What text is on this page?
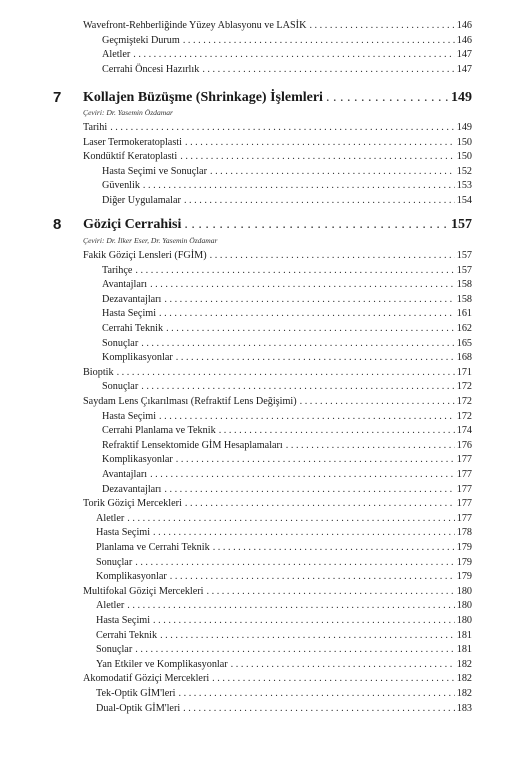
Wavefront-Rehberliğinde Yüzey Ablasyonu ve LASİK . . .	146
Geçmişteki Durum . . .	146
Aletler . . .	147
Cerrahi Öncesi Hazırlık . . .	147
7 Kollajen Büzüşme (Shrinkage) İşlemleri . . .	149
Çeviri: Dr. Yasemin Özdamar
Tarihi . . .	149
Laser Termokeratoplasti . . .	150
Kondüktif Keratoplasti . . .	150
Hasta Seçimi ve Sonuçlar . . .	152
Güvenlik . . .	153
Diğer Uygulamalar . . .	154
8 Göziçi Cerrahisi . . .	157
Çeviri: Dr. İlker Eser, Dr. Yasemin Özdamar
Fakik Göziçi Lensleri (FGİM) . . .	157
Tarihçe . . .	157
Avantajları . . .	158
Dezavantajları . . .	158
Hasta Seçimi . . .	161
Cerrahi Teknik . . .	162
Sonuçlar . . .	165
Komplikasyonlar . . .	168
Bioptik . . .	171
Sonuçlar . . .	172
Saydam Lens Çıkarılması (Refraktif Lens Değişimi) . . .	172
Hasta Seçimi . . .	172
Cerrahi Planlama ve Teknik . . .	174
Refraktif Lensektomide GİM Hesaplamaları . . .	176
Komplikasyonlar . . .	177
Avantajları . . .	177
Dezavantajları . . .	177
Torik Göziçi Mercekleri . . .	177
Aletler . . .	177
Hasta Seçimi . . .	178
Planlama ve Cerrahi Teknik . . .	179
Sonuçlar . . .	179
Komplikasyonlar . . .	179
Multifokal Göziçi Mercekleri . . .	180
Aletler . . .	180
Hasta Seçimi . . .	180
Cerrahi Teknik . . .	181
Sonuçlar . . .	181
Yan Etkiler ve Komplikasyonlar . . .	182
Akomodatif Göziçi Mercekleri . . .	182
Tek-Optik GİM'leri . . .	182
Dual-Optik GİM'leri . . .	183
